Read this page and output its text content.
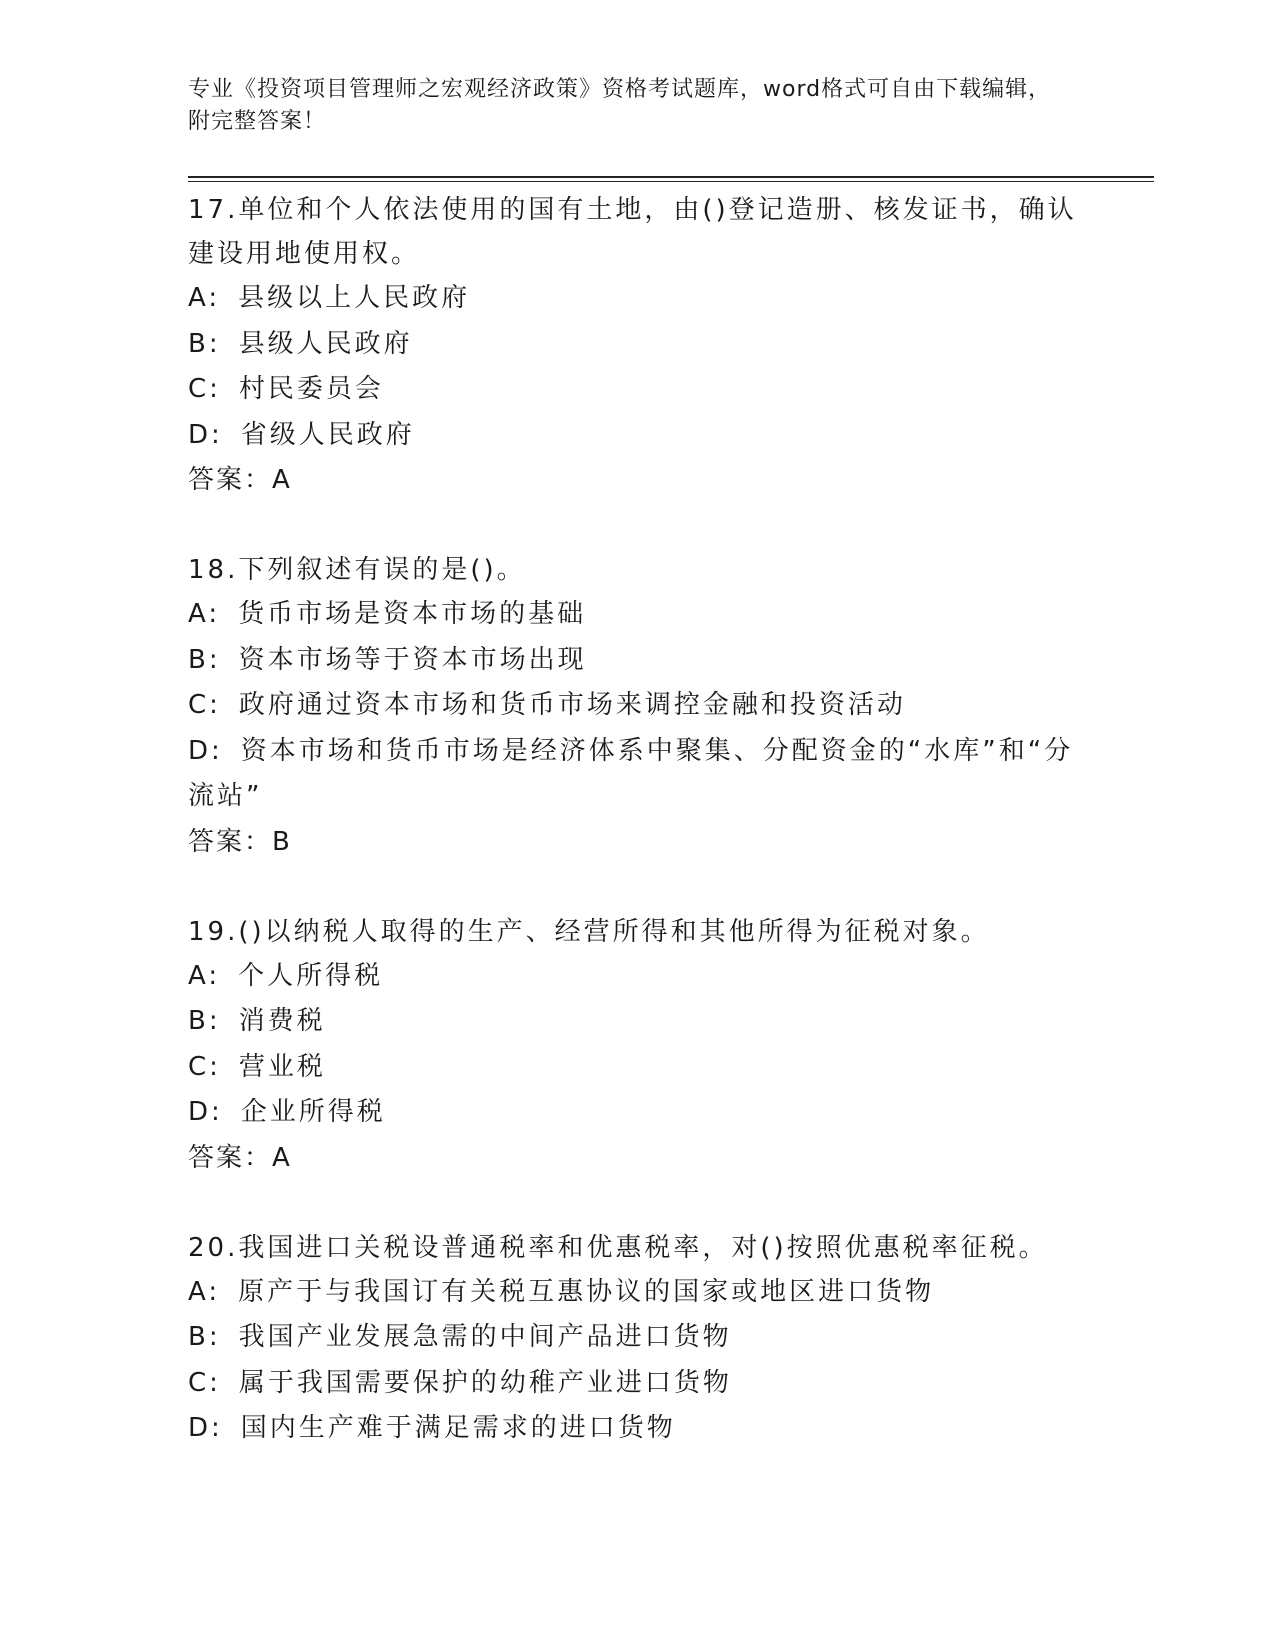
专业《投资项目管理师之宏观经济政策》资格考试题库，word格式可自由下载编辑，附完整答案！

17.单位和个人依法使用的国有土地，由()登记造册、核发证书，确认建设用地使用权。

A: 县级以上人民政府

B: 县级人民政府

C: 村民委员会

D: 省级人民政府

答案：A

18.下列叙述有误的是()。

A: 货币市场是资本市场的基础

B: 资本市场等于资本市场出现

C: 政府通过资本市场和货币市场来调控金融和投资活动

D: 资本市场和货币市场是经济体系中聚集、分配资金的“水库”和“分流站”

答案：B

19.()以纳税人取得的生产、经营所得和其他所得为征税对象。

A: 个人所得税

B: 消费税

C: 营业税

D: 企业所得税

答案：A

20.我国进口关税设普通税率和优惠税率，对()按照优惠税率征税。

A: 原产于与我国订有关税互惠协议的国家或地区进口货物

B: 我国产业发展急需的中间产品进口货物

C: 属于我国需要保护的幼稚产业进口货物

D: 国内生产难于满足需求的进口货物
